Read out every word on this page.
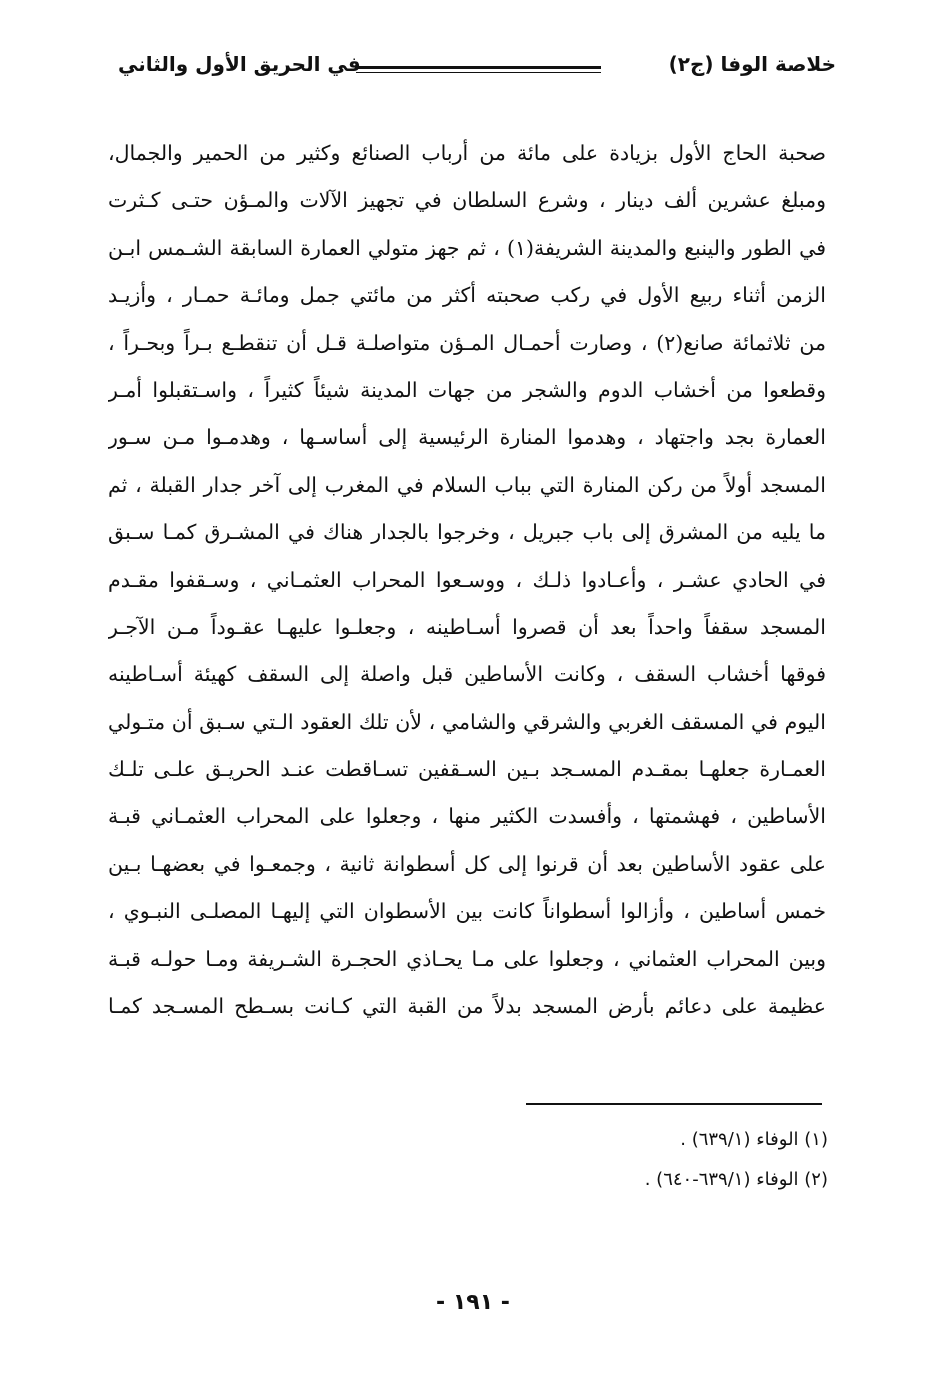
خلاصة الوفا (ج٢)
في الحريق الأول والثاني
صحبة الحاج الأول بزيادة على مائة من أرباب الصنائع وكثير من الحمير والجمال،
ومبلغ عشرين ألف دينار ، وشرع السلطان في تجهيز الآلات والمـؤن حتـى كـثرت
في الطور والينبع والمدينة الشريفة(١) ، ثم جهز متولي العمارة السابقة الشـمس ابـن
الزمن أثناء ربيع الأول في ركب صحبته أكثر من مائتي جمل ومائـة حمـار ، وأزيـد
من ثلاثمائة صانع(٢) ، وصارت أحمـال المـؤن متواصلـة قـل أن تنقطـع بـراً وبحـراً ،
وقطعوا من أخشاب الدوم والشجر من جهات المدينة شيئاً كثيراً ، واسـتقبلوا أمـر
العمارة بجد واجتهاد ، وهدموا المنارة الرئيسية إلى أساسـها ، وهدمـوا مـن سـور
المسجد أولاً من ركن المنارة التي بباب السلام في المغرب إلى آخر جدار القبلة ، ثم
ما يليه من المشرق إلى باب جبريل ، وخرجوا بالجدار هناك في المشـرق كمـا سـبق
في الحادي عشـر ، وأعـادوا ذلـك ، ووسـعوا المحراب العثمـاني ، وسـقفوا مقـدم
المسجد سقفاً واحداً بعد أن قصروا أسـاطينه ، وجعلـوا عليهـا عقـوداً مـن الآجـر
فوقها أخشاب السقف ، وكانت الأساطين قبل واصلة إلى السقف كهيئة أسـاطينه
اليوم في المسقف الغربي والشرقي والشامي ، لأن تلك العقود الـتي سـبق أن متـولي
العمـارة جعلهـا بمقـدم المسـجد بـين السـقفين تسـاقطت عنـد الحريـق علـى تلـك
الأساطين ، فهشمتها ، وأفسدت الكثير منها ، وجعلوا على المحراب العثمـاني قبـة
على عقود الأساطين بعد أن قرنوا إلى كل أسطوانة ثانية ، وجمعـوا في بعضهـا بـين
خمس أساطين ، وأزالوا أسطواناً كانت بين الأسطوان التي إليهـا المصلـى النبـوي ،
وبين المحراب العثماني ، وجعلوا على مـا يحـاذي الحجـرة الشـريفة ومـا حولـه قبـة
عظيمة على دعائم بأرض المسجد بدلاً من القبة التي كـانت بسـطح المسـجد كمـا
(١) الوفاء (٦٣٩/١) .
(٢) الوفاء (٦٣٩/١-٦٤٠) .
- ١٩١ -
